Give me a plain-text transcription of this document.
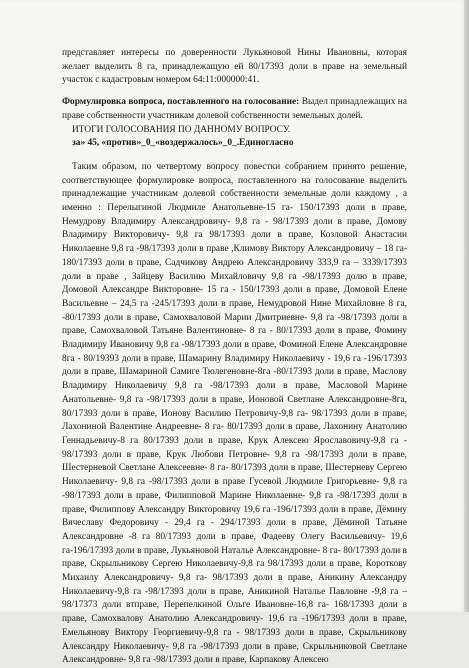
представляет интересы по доверенности Лукьяновой Нины Ивановны, которая желает выделить 8 га, принадлежащую ей 80/17393 доли в праве на земельный участок с кадастровым номером 64:11:000000:41.

Формулировка вопроса, поставленного на голосование: Выдел принадлежащих на праве собственности участникам долевой собственности земельных долей.

ИТОГИ ГОЛОСОВАНИЯ ПО ДАННОМУ ВОПРОСУ.

за» 45, «против»_0_«воздержалось»_0_.Единогласно

Таким образом, по четвертому вопросу повестки собранием принято решение, соответствующее формулировке вопроса, поставленного на голосование выделить принадлежащие участникам долевой собственности земельные доли каждому , а именно : Перелыгиной Людмиле Анатольевне-15 га- 150/17393 доли в праве, Немудрову Владимиру Александровичу- 9,8 га - 98/17393 доли в праве, Домову Владимиру Викторовичу- 9,8 га 98/17393 доли в праве, Козловой Анастасии Николаевне 9,8 га -98/17393 доли в праве ,Климову Виктору Александровичу – 18 га- 180/17393 доли в праве, Садчикову Андрею Александровичу 333,9 га – 3339/17393 доли в праве , Зайцеву Василию Михайловичу 9,8 га -98/17393 долю в праве, Домовой Александре Викторовне- 15 га - 150/17393 доли в праве, Домовой Елене Васильевне – 24,5 га -245/17393 доли в праве, Немудровой Нине Михайловне 8 га, -80/17393 доли в праве, Самохваловой Марии Дмитриевне- 9,8 га -98/17393 доли в праве, Самохваловой Татьяне Валентиновне- 8 га - 80/17393 доли в праве, Фомину Владимиру Ивановичу 9,8 га -98/17393 доли в праве, Фоминой Елене Александровне 8га - 80/19393 доли в праве, Шамарину Владимиру Николаевичу - 19,6 га -196/17393 доли в праве, Шамариной Самиге Тюлегеновне-8га -80/17393 доли в праве, Маслову Владимиру Николаевичу 9,8 га -98/17393 доли в праве, Масловой Марине Анатольевне- 9,8 га -98/17393 доли в праве, Ионовой Светлане Александровне-8га, 80/17393 доли в праве, Ионову Василию Петровичу-9,8 га- 98/17393 доли в праве, Лахониной Валентине Андреевне- 8 га- 80/17393 доли в праве, Лахонину Анатолию Геннадьевичу-8 га 80/17393 доли в праве, Крук Алексею Ярославовичу-9,8 га - 98/17393 доли в праве, Крук Любови Петровне- 9,8 га -98/17393 доли в праве, Шестерневой Светлане Алексеевне- 8 га- 80/17393 доли в праве, Шестерневу Сергею Николаевичу- 9,8 га -98/17393 доли в праве Гусевой Людмиле Григорьевне- 9,8 га -98/17393 доли в праве, Филипповой Марине Николаевне- 9,8 га -98/17393 доли в праве, Филиппову Александру Викторовичу 19,6 га -196/17393 доли в праве, Дёмину Вячеславу Федоровичу - 29,4 га - 294/17393 доли в праве, Дёминой Татьяне Александровне -8 га 80/17393 доли в праве, Фадееву Олегу Васильевичу- 19,6 га-196/17393 доли в праве, Лукьяновой Наталье Александровне- 8 га- 80/17393 доли в праве, Скрыльникову Сергею Николаевичу-9,8 га 98/17393 доли в праве, Короткову Михаилу Александровичу- 9,8 га- 98/17393 доли в праве, Аникину Александру Николаевичу-9,8 га -98/17393 доли в праве, Аникиной Наталье Павловне -9,8 га – 98/17373 доли втправе, Перепелкиной Ольге Ивановне-16,8 га- 168/17393 доли в праве, Самохвалову Анатолию Александровичу- 19,6 га -196/17393 доли в праве, Емельянову Виктору Георгиевичу-9,8 га - 98/17393 доли в праве, Скрыльникову Александру Николаевичу- 9,8 га -98/17393 доли в праве, Скрыльниковой Светлане Александровне- 9,8 га -98/17393 доли в праве, Карпакову Алексею
